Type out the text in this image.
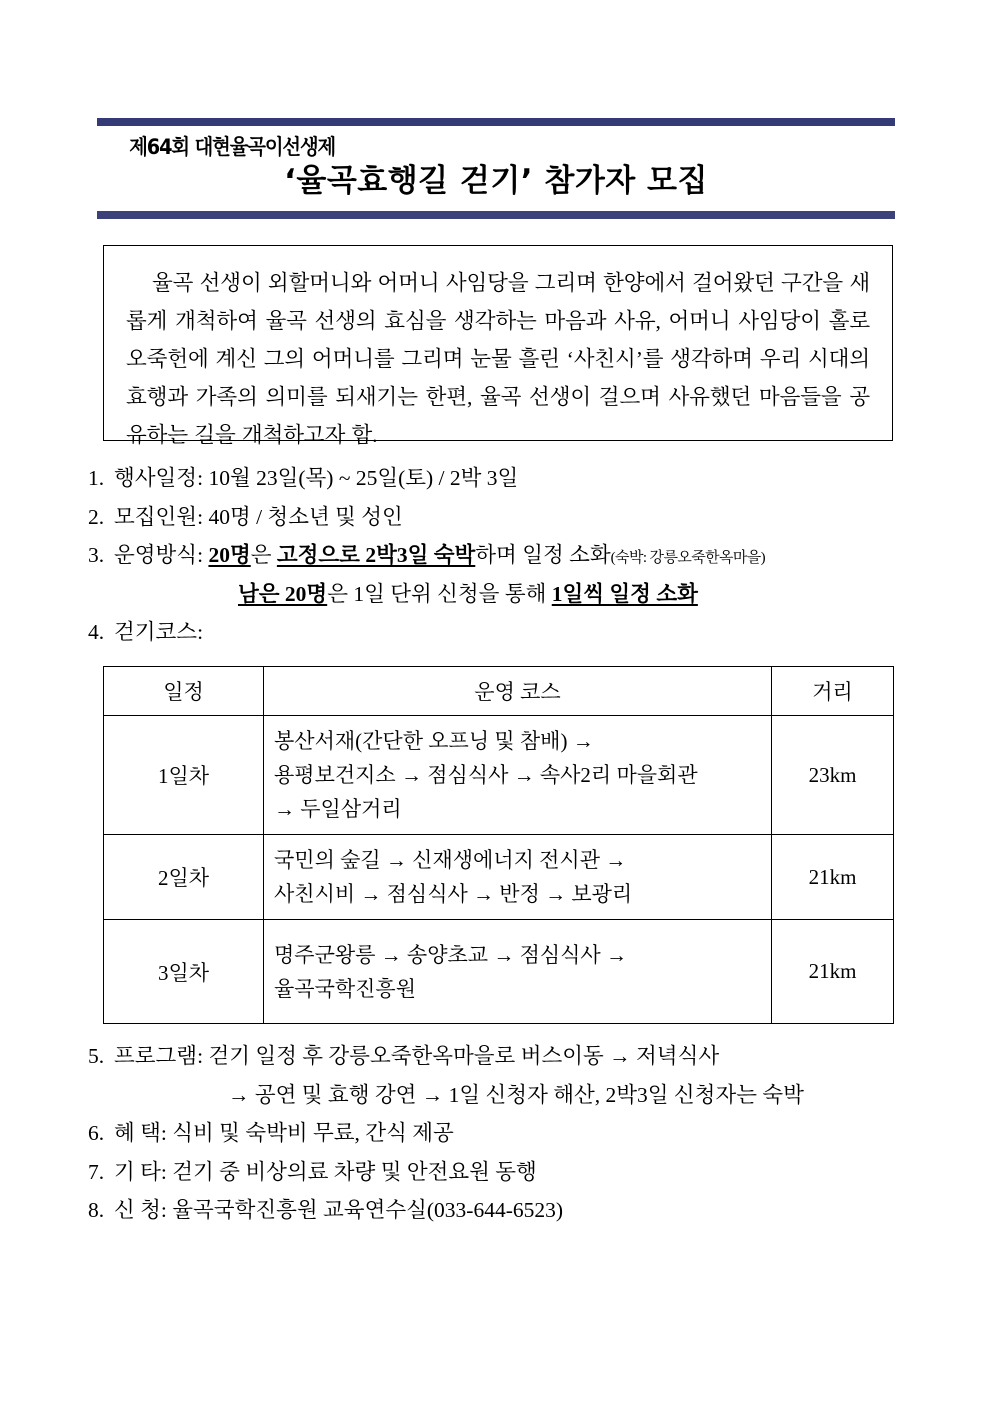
제64회 대현율곡이선생제
‘율곡효행길 걷기’ 참가자 모집
율곡 선생이 외할머니와 어머니 사임당을 그리며 한양에서 걸어왔던 구간을 새롭게 개척하여 율곡 선생의 효심을 생각하는 마음과 사유, 어머니 사임당이 홀로 오죽헌에 계신 그의 어머니를 그리며 눈물 흘린 ‘사친시’를 생각하며 우리 시대의 효행과 가족의 의미를 되새기는 한편, 율곡 선생이 걸으며 사유했던 마음들을 공유하는 길을 개척하고자 함.
1. 행사일정: 10월 23일(목) ~ 25일(토) / 2박 3일
2. 모집인원: 40명 / 청소년 및 성인
3. 운영방식: 20명은 고정으로 2박3일 숙박하며 일정 소화(숙박: 강릉오죽한옥마을)
남은 20명은 1일 단위 신청을 통해 1일씩 일정 소화
4. 걷기코스:
일정	운영 코스	거리
1일차	봉산서재(간단한 오프닝 및 참배) →
용평보건지소 → 점심식사 → 속사2리 마을회관
→ 두일삼거리	23km
2일차	국민의 숲길 → 신재생에너지 전시관 →
사친시비 → 점심식사 → 반정 → 보광리	21km
3일차	명주군왕릉 → 송양초교 → 점심식사 →
율곡국학진흥원	21km
5. 프로그램: 걷기 일정 후 강릉오죽한옥마을로 버스이동 → 저녁식사
→ 공연 및 효행 강연 → 1일 신청자 해산, 2박3일 신청자는 숙박
6. 혜 택: 식비 및 숙박비 무료, 간식 제공
7. 기 타: 걷기 중 비상의료 차량 및 안전요원 동행
8. 신 청: 율곡국학진흥원 교육연수실(033-644-6523)
